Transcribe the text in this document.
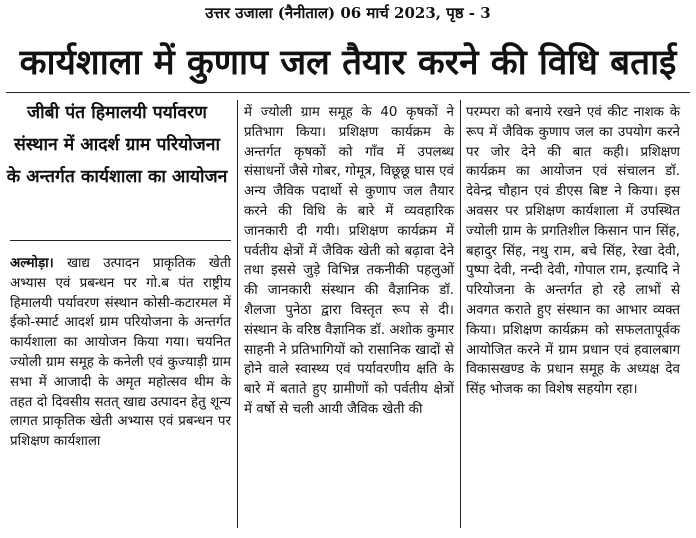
उत्तर उजाला (नैनीताल) 06 मार्च 2023, पृष्ठ - 3
कार्यशाला में कुणाप जल तैयार करने की विधि बताई
जीबी पंत हिमालयी पर्यावरण संस्थान में आदर्श ग्राम परियोजना के अन्तर्गत कार्यशाला का आयोजन

अल्मोड़ा। खाद्य उत्पादन प्राकृतिक खेती अभ्यास एवं प्रबन्धन पर गो.ब पंत राष्ट्रीय हिमालयी पर्यावरण संस्थान कोसी-कटारमल में ईको-स्मार्ट आदर्श ग्राम परियोजना के अन्तर्गत कार्यशाला का आयोजन किया गया। चयनित ज्योली ग्राम समूह के कनेली एवं कुज्याड़ी ग्राम सभा में आजादी के अमृत महोत्सव थीम के तहत दो दिवसीय सतत् खाद्य उत्पादन हेतु शून्य लागत प्राकृतिक खेती अभ्यास एवं प्रबन्धन पर प्रशिक्षण कार्यशाला

में ज्योली ग्राम समूह के 40 कृषकों ने प्रतिभाग किया। प्रशिक्षण कार्यक्रम के अन्तर्गत कृषकों को गाँव में उपलब्ध संसाधनों जैसे गोबर, गोमूत्र, विछूछू घास एवं अन्य जैविक पदार्थो से कुणाप जल तैयार करने की विधि के बारे में व्यवहारिक जानकारी दी गयी। प्रशिक्षण कार्यक्रम में पर्वतीय क्षेत्रों में जैविक खेती को बढ़ावा देने तथा इससे जुड़े विभिन्न तकनीकी पहलुओं की जानकारी संस्थान की वैज्ञानिक डॉ. शैलजा पुनेठा द्वारा विस्तृत रूप से दी। संस्थान के वरिष्ठ वैज्ञानिक डॉ. अशोक कुमार साहनी ने प्रतिभागियों को रासानिक खादों से होने वाले स्वास्थ्य एवं पर्यावरणीय क्षति के बारे में बताते हुए ग्रामीणों को पर्वतीय क्षेत्रों में वर्षो से चली आयी जैविक खेती की

परम्परा को बनाये रखने एवं कीट नाशक के रूप में जैविक कुणाप जल का उपयोग करने पर जोर देने की बात कही। प्रशिक्षण कार्यक्रम का आयोजन एवं संचालन डॉ. देवेन्द्र चौहान एवं डीएस बिष्ट ने किया। इस अवसर पर प्रशिक्षण कार्यशाला में उपस्थित ज्योली ग्राम के प्रगतिशील किसान पान सिंह, बहादुर सिंह, नथु राम, बचे सिंह, रेखा देवी, पुष्पा देवी, नन्दी देवी, गोपाल राम, इत्यादि ने परियोजना के अन्तर्गत हो रहे लाभों से अवगत कराते हुए संस्थान का आभार व्यक्त किया। प्रशिक्षण कार्यक्रम को सफलतापूर्वक आयोजित करने में ग्राम प्रधान एवं हवालबाग विकासखण्ड के प्रधान समूह के अध्यक्ष देव सिंह भोजक का विशेष सहयोग रहा।
